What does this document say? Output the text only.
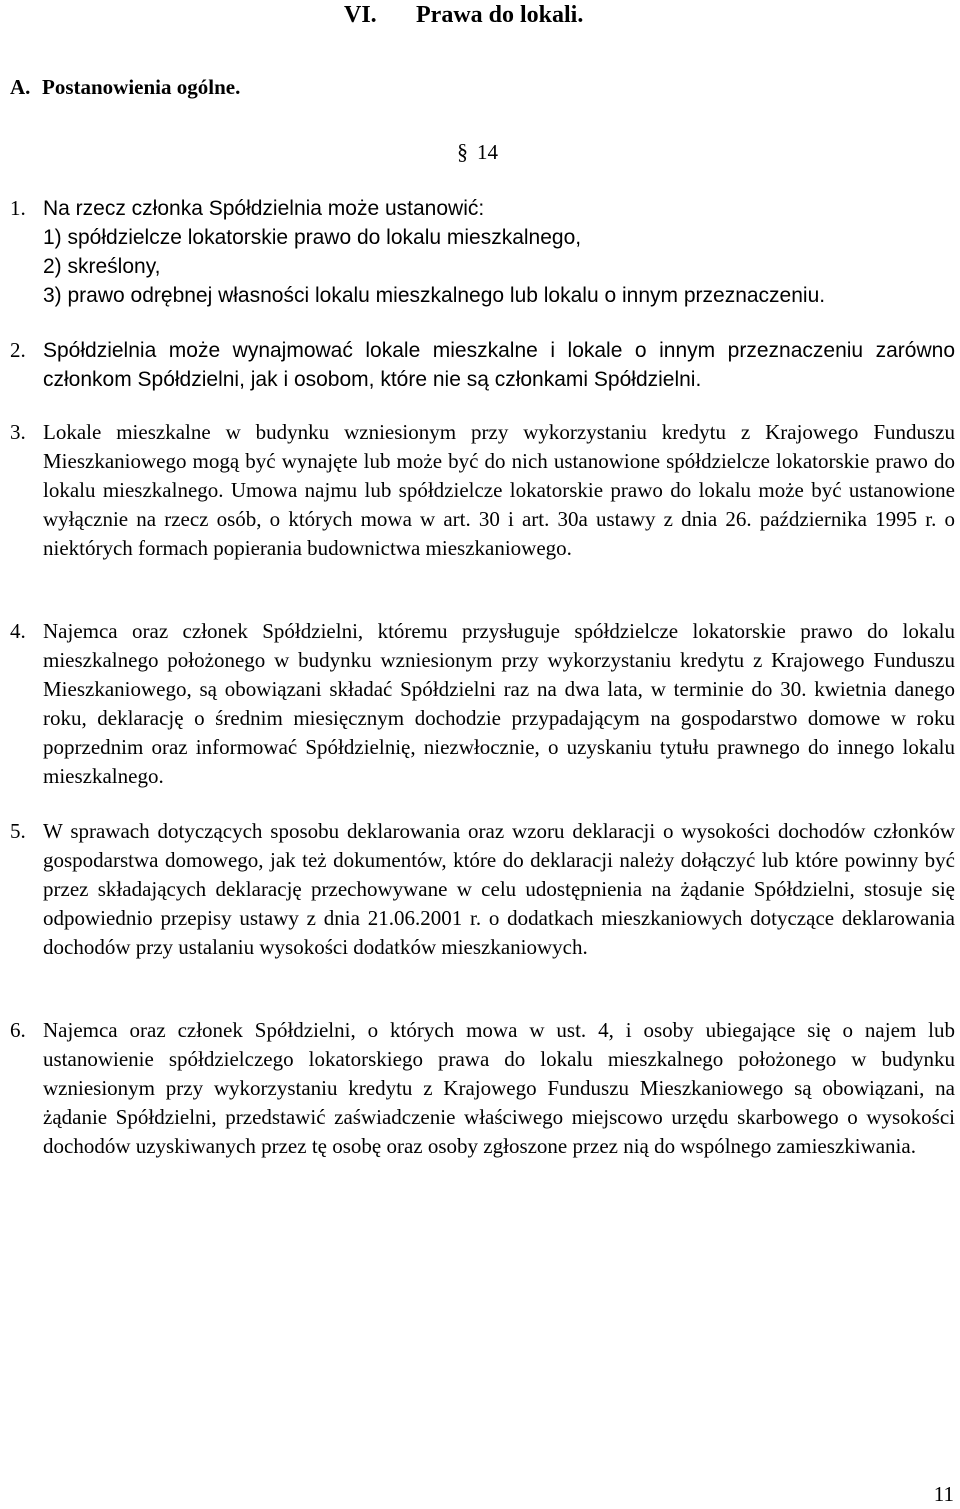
VI. Prawa do lokali.
A. Postanowienia ogólne.
§ 14
1. Na rzecz członka Spółdzielnia może ustanowić:
1) spółdzielcze lokatorskie prawo do lokalu mieszkalnego,
2) skreślony,
3) prawo odrębnej własności lokalu mieszkalnego lub lokalu o innym przeznaczeniu.
2. Spółdzielnia może wynajmować lokale mieszkalne i lokale o innym przeznaczeniu zarówno członkom Spółdzielni, jak i osobom, które nie są członkami Spółdzielni.
3. Lokale mieszkalne w budynku wzniesionym przy wykorzystaniu kredytu z Krajowego Funduszu Mieszkaniowego mogą być wynajęte lub może być do nich ustanowione spółdzielcze lokatorskie prawo do lokalu mieszkalnego. Umowa najmu lub spółdzielcze lokatorskie prawo do lokalu może być ustanowione wyłącznie na rzecz osób, o których mowa w art. 30 i art. 30a ustawy z dnia 26. października 1995 r. o niektórych formach popierania budownictwa mieszkaniowego.
4. Najemca oraz członek Spółdzielni, któremu przysługuje spółdzielcze lokatorskie prawo do lokalu mieszkalnego położonego w budynku wzniesionym przy wykorzystaniu kredytu z Krajowego Funduszu Mieszkaniowego, są obowiązani składać Spółdzielni raz na dwa lata, w terminie do 30. kwietnia danego roku, deklarację o średnim miesięcznym dochodzie przypadającym na gospodarstwo domowe w roku poprzednim oraz informować Spółdzielnię, niezwłocznie, o uzyskaniu tytułu prawnego do innego lokalu mieszkalnego.
5. W sprawach dotyczących sposobu deklarowania oraz wzoru deklaracji o wysokości dochodów członków gospodarstwa domowego, jak też dokumentów, które do deklaracji należy dołączyć lub które powinny być przez składających deklarację przechowywane w celu udostępnienia na żądanie Spółdzielni, stosuje się odpowiednio przepisy ustawy z dnia 21.06.2001 r. o dodatkach mieszkaniowych dotyczące deklarowania dochodów przy ustalaniu wysokości dodatków mieszkaniowych.
6. Najemca oraz członek Spółdzielni, o których mowa w ust. 4, i osoby ubiegające się o najem lub ustanowienie spółdzielczego lokatorskiego prawa do lokalu mieszkalnego położonego w budynku wzniesionym przy wykorzystaniu kredytu z Krajowego Funduszu Mieszkaniowego są obowiązani, na żądanie Spółdzielni, przedstawić zaświadczenie właściwego miejscowo urzędu skarbowego o wysokości dochodów uzyskiwanych przez tę osobę oraz osoby zgłoszone przez nią do wspólnego zamieszkiwania.
11
